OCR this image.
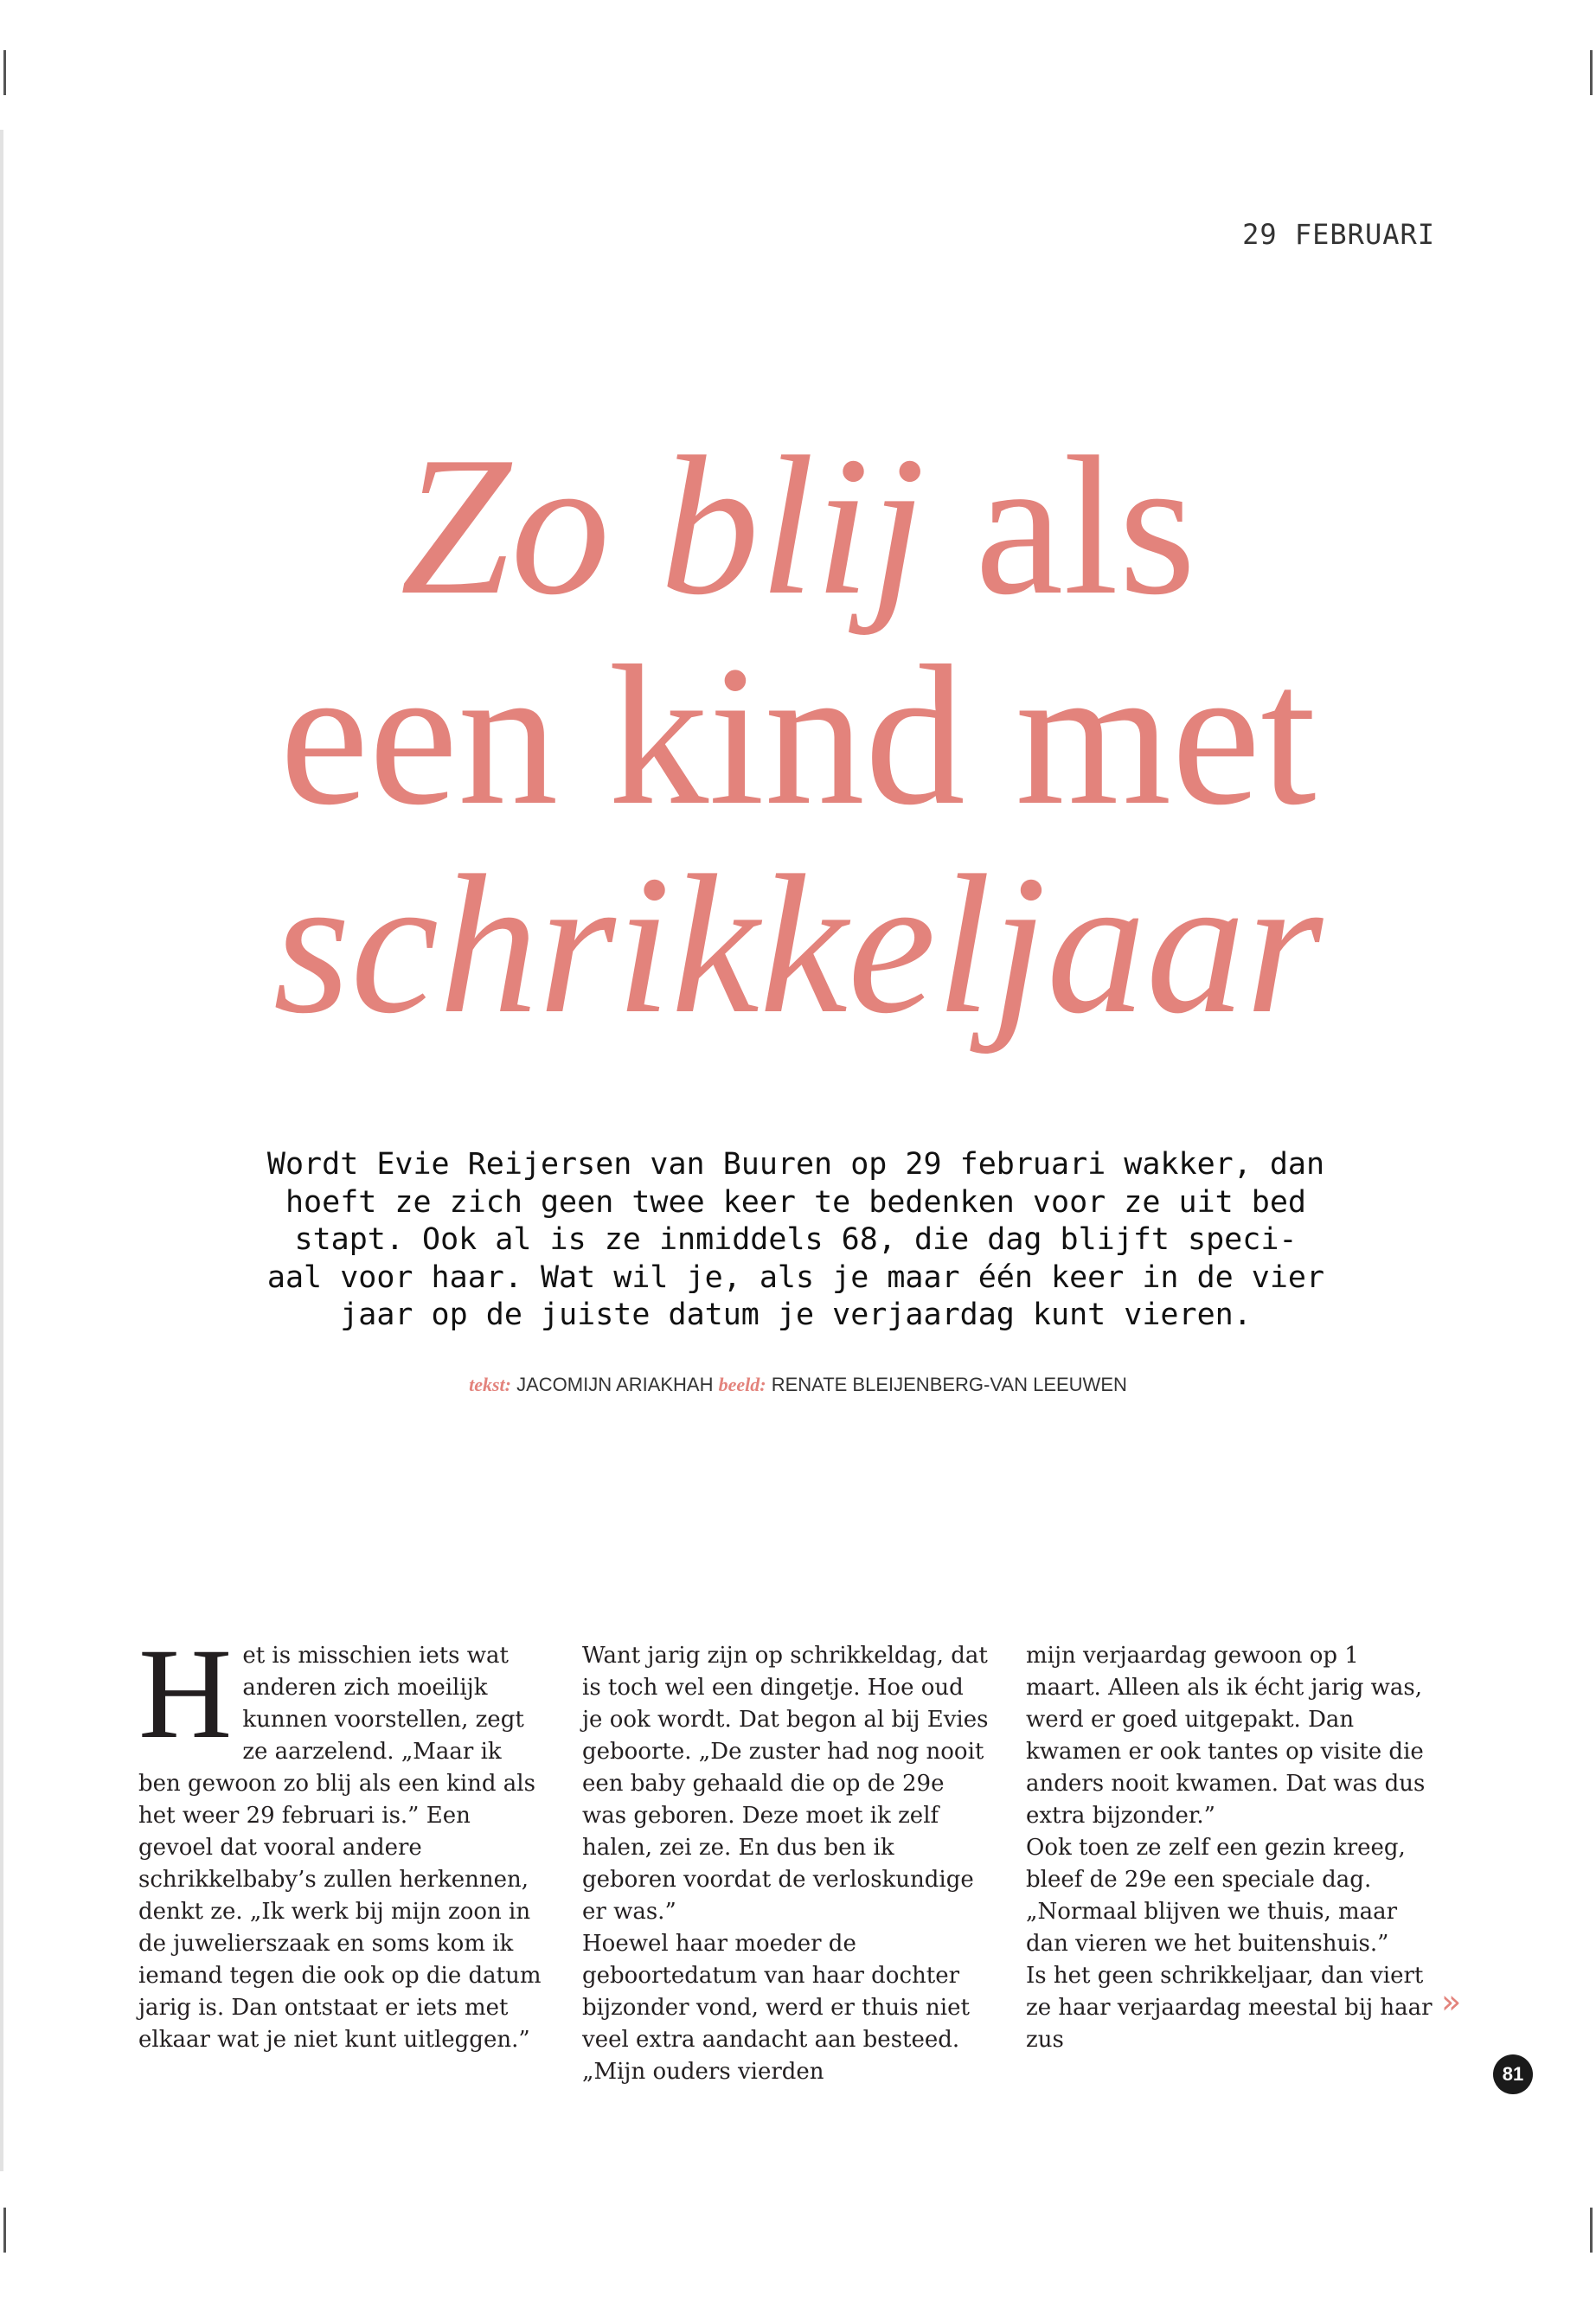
29 FEBRUARI
Zo blij als
een kind met
schrikkeljaar
Wordt Evie Reijersen van Buuren op 29 februari wakker, dan
hoeft ze zich geen twee keer te bedenken voor ze uit bed
stapt. Ook al is ze inmiddels 68, die dag blijft speci-
aal voor haar. Wat wil je, als je maar één keer in de vier
jaar op de juiste datum je verjaardag kunt vieren.
tekst: JACOMIJN ARIAKHAH beeld: RENATE BLEIJENBERG-VAN LEEUWEN

Het is misschien iets wat anderen zich moeilijk kunnen voorstellen, zegt ze aarzelend. „Maar ik ben gewoon zo blij als een kind als het weer 29 februari is.” Een gevoel dat vooral andere schrikkelbaby’s zullen herkennen, denkt ze. „Ik werk bij mijn zoon in de juwelierszaak en soms kom ik iemand tegen die ook op die datum jarig is. Dan ontstaat er iets met elkaar wat je niet kunt uitleggen.”

Want jarig zijn op schrikkeldag, dat is toch wel een dingetje. Hoe oud je ook wordt. Dat begon al bij Evies geboorte. „De zuster had nog nooit een baby gehaald die op de 29e was geboren. Deze moet ik zelf halen, zei ze. En dus ben ik geboren voordat de verloskundige er was.”

Hoewel haar moeder de geboortedatum van haar dochter bijzonder vond, werd er thuis niet veel extra aandacht aan besteed. „Mijn ouders vierden

mijn verjaardag gewoon op 1 maart. Alleen als ik écht jarig was, werd er goed uitgepakt. Dan kwamen er ook tantes op visite die anders nooit kwamen. Dat was dus extra bijzonder.”

Ook toen ze zelf een gezin kreeg, bleef de 29e een speciale dag. „Normaal blijven we thuis, maar dan vieren we het buitenshuis.”

Is het geen schrikkeljaar, dan viert ze haar verjaardag meestal bij haar zus

»
81
